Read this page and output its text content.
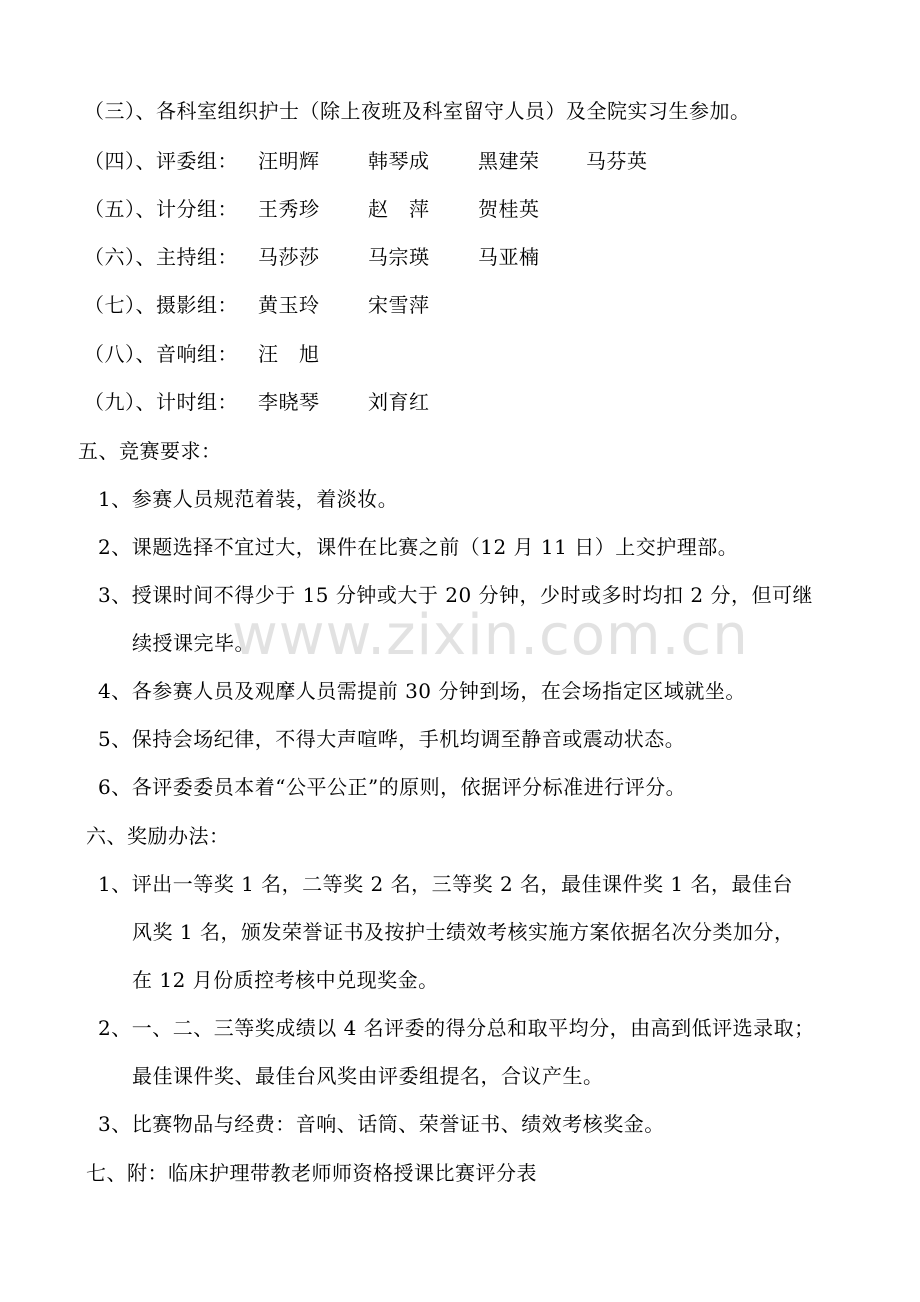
www.zixin.com.cn
（三）、各科室组织护士（除上夜班及科室留守人员）及全院实习生参加。
（四）、评委组： 汪明辉 韩琴成 黑建荣 马芬英
（五）、计分组： 王秀珍 赵　萍 贺桂英
（六）、主持组： 马莎莎 马宗瑛 马亚楠
（七）、摄影组： 黄玉玲 宋雪萍
（八）、音响组： 汪　旭
（九）、计时组： 李晓琴 刘育红
五、竞赛要求：
1、参赛人员规范着装，着淡妆。
2、课题选择不宜过大，课件在比赛之前（12 月 11 日）上交护理部。
3、授课时间不得少于 15 分钟或大于 20 分钟，少时或多时均扣 2 分，但可继
续授课完毕。
4、各参赛人员及观摩人员需提前 30 分钟到场，在会场指定区域就坐。
5、保持会场纪律，不得大声喧哗，手机均调至静音或震动状态。
6、各评委委员本着“公平公正”的原则，依据评分标准进行评分。
六、奖励办法：
1、评出一等奖 1 名，二等奖 2 名，三等奖 2 名，最佳课件奖 1 名，最佳台
风奖 1 名，颁发荣誉证书及按护士绩效考核实施方案依据名次分类加分，
在 12 月份质控考核中兑现奖金。
2、一、二、三等奖成绩以 4 名评委的得分总和取平均分，由高到低评选录取；
最佳课件奖、最佳台风奖由评委组提名，合议产生。
3、比赛物品与经费：音响、话筒、荣誉证书、绩效考核奖金。
七、附：临床护理带教老师师资格授课比赛评分表
